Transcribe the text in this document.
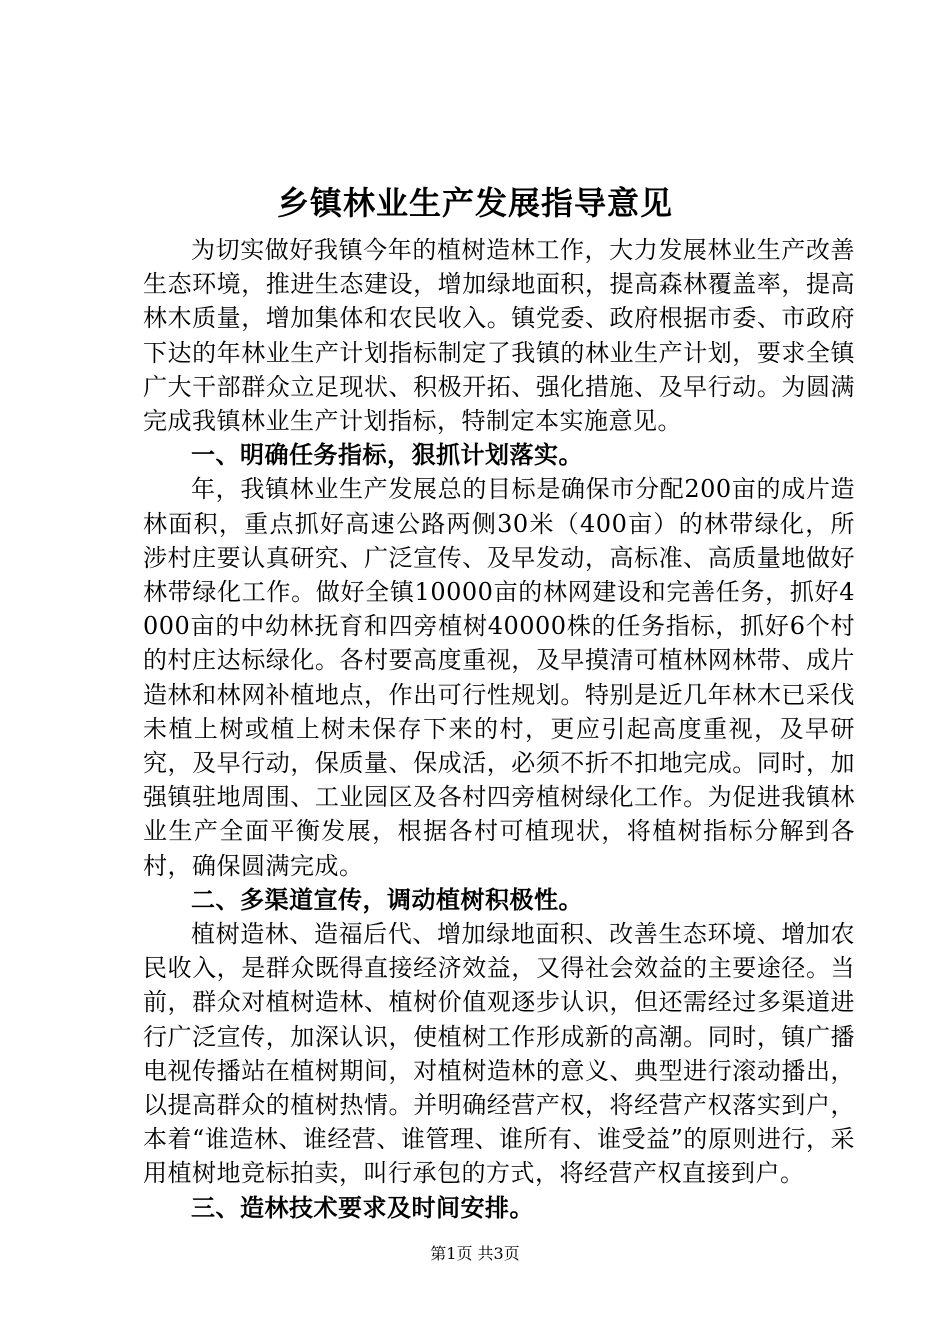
乡镇林业生产发展指导意见

为切实做好我镇今年的植树造林工作，大力发展林业生产改善生态环境，推进生态建设，增加绿地面积，提高森林覆盖率，提高林木质量，增加集体和农民收入。镇党委、政府根据市委、市政府下达的年林业生产计划指标制定了我镇的林业生产计划，要求全镇广大干部群众立足现状、积极开拓、强化措施、及早行动。为圆满完成我镇林业生产计划指标，特制定本实施意见。

一、明确任务指标，狠抓计划落实。

年，我镇林业生产发展总的目标是确保市分配200亩的成片造林面积，重点抓好高速公路两侧30米（400亩）的林带绿化，所涉村庄要认真研究、广泛宣传、及早发动，高标准、高质量地做好林带绿化工作。做好全镇10000亩的林网建设和完善任务，抓好4000亩的中幼林抚育和四旁植树40000株的任务指标，抓好6个村的村庄达标绿化。各村要高度重视，及早摸清可植林网林带、成片造林和林网补植地点，作出可行性规划。特别是近几年林木已采伐未植上树或植上树未保存下来的村，更应引起高度重视，及早研究，及早行动，保质量、保成活，必须不折不扣地完成。同时，加强镇驻地周围、工业园区及各村四旁植树绿化工作。为促进我镇林业生产全面平衡发展，根据各村可植现状，将植树指标分解到各村，确保圆满完成。

二、多渠道宣传，调动植树积极性。

植树造林、造福后代、增加绿地面积、改善生态环境、增加农民收入，是群众既得直接经济效益，又得社会效益的主要途径。当前，群众对植树造林、植树价值观逐步认识，但还需经过多渠道进行广泛宣传，加深认识，使植树工作形成新的高潮。同时，镇广播电视传播站在植树期间，对植树造林的意义、典型进行滚动播出，以提高群众的植树热情。并明确经营产权，将经营产权落实到户，本着“谁造林、谁经营、谁管理、谁所有、谁受益”的原则进行，采用植树地竞标拍卖，叫行承包的方式，将经营产权直接到户。

三、造林技术要求及时间安排。

第1页 共3页
